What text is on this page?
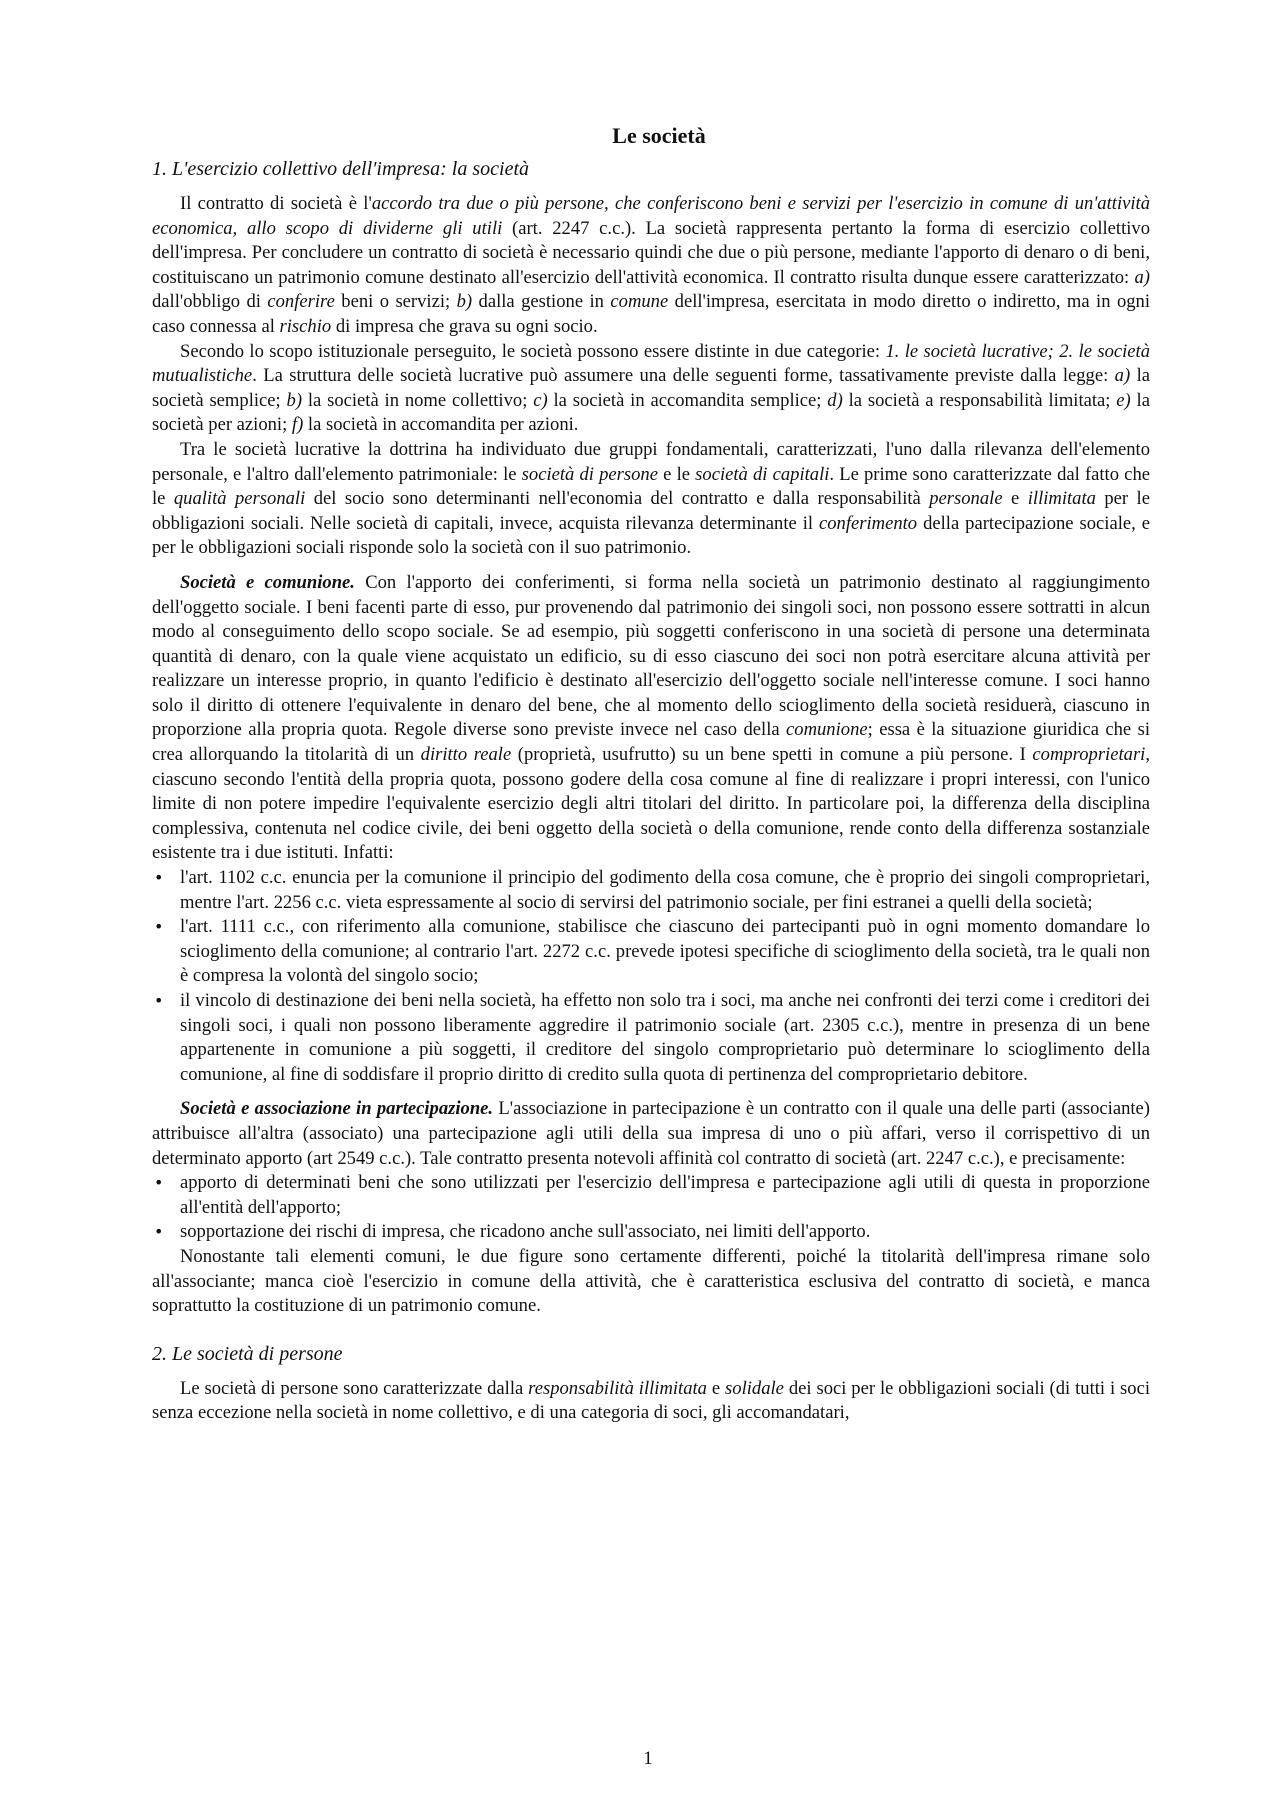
Le società
1. L'esercizio collettivo dell'impresa: la società

Il contratto di società è l'accordo tra due o più persone, che conferiscono beni e servizi per l'esercizio in comune di un'attività economica, allo scopo di dividerne gli utili (art. 2247 c.c.). La società rappresenta pertanto la forma di esercizio collettivo dell'impresa. Per concludere un contratto di società è necessario quindi che due o più persone, mediante l'apporto di denaro o di beni, costituiscano un patrimonio comune destinato all'esercizio dell'attività economica. Il contratto risulta dunque essere caratterizzato: a) dall'obbligo di conferire beni o servizi; b) dalla gestione in comune dell'impresa, esercitata in modo diretto o indiretto, ma in ogni caso connessa al rischio di impresa che grava su ogni socio.

Secondo lo scopo istituzionale perseguito, le società possono essere distinte in due categorie: 1. le società lucrative; 2. le società mutualistiche. La struttura delle società lucrative può assumere una delle seguenti forme, tassativamente previste dalla legge: a) la società semplice; b) la società in nome collettivo; c) la società in accomandita semplice; d) la società a responsabilità limitata; e) la società per azioni; f) la società in accomandita per azioni.

Tra le società lucrative la dottrina ha individuato due gruppi fondamentali, caratterizzati, l'uno dalla rilevanza dell'elemento personale, e l'altro dall'elemento patrimoniale: le società di persone e le società di capitali. Le prime sono caratterizzate dal fatto che le qualità personali del socio sono determinanti nell'economia del contratto e dalla responsabilità personale e illimitata per le obbligazioni sociali. Nelle società di capitali, invece, acquista rilevanza determinante il conferimento della partecipazione sociale, e per le obbligazioni sociali risponde solo la società con il suo patrimonio.

Società e comunione. Con l'apporto dei conferimenti, si forma nella società un patrimonio destinato al raggiungimento dell'oggetto sociale. I beni facenti parte di esso, pur provenendo dal patrimonio dei singoli soci, non possono essere sottratti in alcun modo al conseguimento dello scopo sociale. Se ad esempio, più soggetti conferiscono in una società di persone una determinata quantità di denaro, con la quale viene acquistato un edificio, su di esso ciascuno dei soci non potrà esercitare alcuna attività per realizzare un interesse proprio, in quanto l'edificio è destinato all'esercizio dell'oggetto sociale nell'interesse comune. I soci hanno solo il diritto di ottenere l'equivalente in denaro del bene, che al momento dello scioglimento della società residuerà, ciascuno in proporzione alla propria quota. Regole diverse sono previste invece nel caso della comunione; essa è la situazione giuridica che si crea allorquando la titolarità di un diritto reale (proprietà, usufrutto) su un bene spetti in comune a più persone. I comproprietari, ciascuno secondo l'entità della propria quota, possono godere della cosa comune al fine di realizzare i propri interessi, con l'unico limite di non potere impedire l'equivalente esercizio degli altri titolari del diritto. In particolare poi, la differenza della disciplina complessiva, contenuta nel codice civile, dei beni oggetto della società o della comunione, rende conto della differenza sostanziale esistente tra i due istituti. Infatti:

• l'art. 1102 c.c. enuncia per la comunione il principio del godimento della cosa comune, che è proprio dei singoli comproprietari, mentre l'art. 2256 c.c. vieta espressamente al socio di servirsi del patrimonio sociale, per fini estranei a quelli della società;
• l'art. 1111 c.c., con riferimento alla comunione, stabilisce che ciascuno dei partecipanti può in ogni momento domandare lo scioglimento della comunione; al contrario l'art. 2272 c.c. prevede ipotesi specifiche di scioglimento della società, tra le quali non è compresa la volontà del singolo socio;
• il vincolo di destinazione dei beni nella società, ha effetto non solo tra i soci, ma anche nei confronti dei terzi come i creditori dei singoli soci, i quali non possono liberamente aggredire il patrimonio sociale (art. 2305 c.c.), mentre in presenza di un bene appartenente in comunione a più soggetti, il creditore del singolo comproprietario può determinare lo scioglimento della comunione, al fine di soddisfare il proprio diritto di credito sulla quota di pertinenza del comproprietario debitore.

Società e associazione in partecipazione. L'associazione in partecipazione è un contratto con il quale una delle parti (associante) attribuisce all'altra (associato) una partecipazione agli utili della sua impresa di uno o più affari, verso il corrispettivo di un determinato apporto (art 2549 c.c.). Tale contratto presenta notevoli affinità col contratto di società (art. 2247 c.c.), e precisamente:

• apporto di determinati beni che sono utilizzati per l'esercizio dell'impresa e partecipazione agli utili di questa in proporzione all'entità dell'apporto;
• sopportazione dei rischi di impresa, che ricadono anche sull'associato, nei limiti dell'apporto.

Nonostante tali elementi comuni, le due figure sono certamente differenti, poiché la titolarità dell'impresa rimane solo all'associante; manca cioè l'esercizio in comune della attività, che è caratteristica esclusiva del contratto di società, e manca soprattutto la costituzione di un patrimonio comune.

2. Le società di persone

Le società di persone sono caratterizzate dalla responsabilità illimitata e solidale dei soci per le obbligazioni sociali (di tutti i soci senza eccezione nella società in nome collettivo, e di una categoria di soci, gli accomandatari,

1
